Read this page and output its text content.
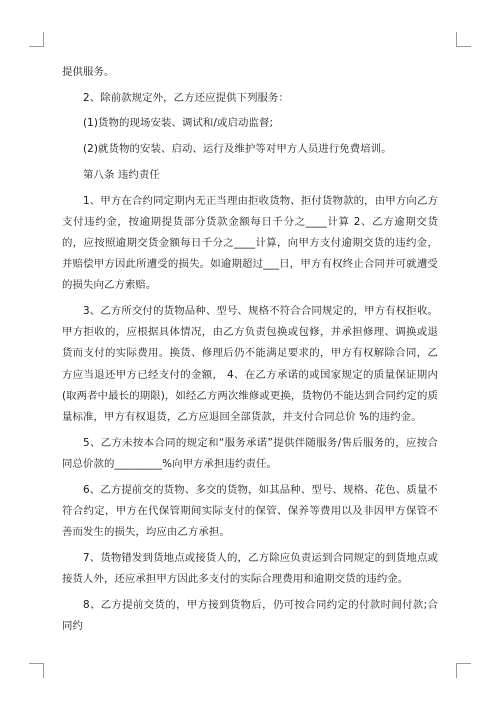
提供服务。

2、除前款规定外，乙方还应提供下列服务：

(1)货物的现场安装、调试和/或启动监督;

(2)就货物的安装、启动、运行及维护等对甲方人员进行免费培训。

第八条 违约责任

1、甲方在合约同定期内无正当理由拒收货物、拒付货物款的，由甲方向乙方支付违约金，按逾期提货部分货款金额每日千分之____计算 2、乙方逾期交货的，应按照逾期交货金额每日千分之____计算，向甲方支付逾期交货的违约金，并赔偿甲方因此所遭受的损失。如逾期超过___日，甲方有权终止合同并可就遭受的损失向乙方索赔。

3、乙方所交付的货物品种、型号、规格不符合合同规定的，甲方有权拒收。甲方拒收的，应根据具体情况，由乙方负责包换或包修，并承担修理、调换或退货而支付的实际费用。换货、修理后仍不能满足要求的，甲方有权解除合同，乙方应当退还甲方已经支付的金额， 4、在乙方承诺的或国家规定的质量保证期内(取两者中最长的期限)，如经乙方两次维修或更换，货物仍不能达到合同约定的质量标准，甲方有权退货，乙方应退回全部货款，并支付合同总价 %的违约金。

5、乙方未按本合同的规定和“服务承诺”提供伴随服务/售后服务的，应按合同总价款的_________%向甲方承担违约责任。

6、乙方提前交的货物、多交的货物，如其品种、型号、规格、花色、质量不符合约定，甲方在代保管期间实际支付的保管、保养等费用以及非因甲方保管不善而发生的损失，均应由乙方承担。

7、货物错发到货地点或接货人的，乙方除应负责运到合同规定的到货地点或接货人外，还应承担甲方因此多支付的实际合理费用和逾期交货的违约金。

8、乙方提前交货的，甲方接到货物后，仍可按合同约定的付款时间付款;合同约
